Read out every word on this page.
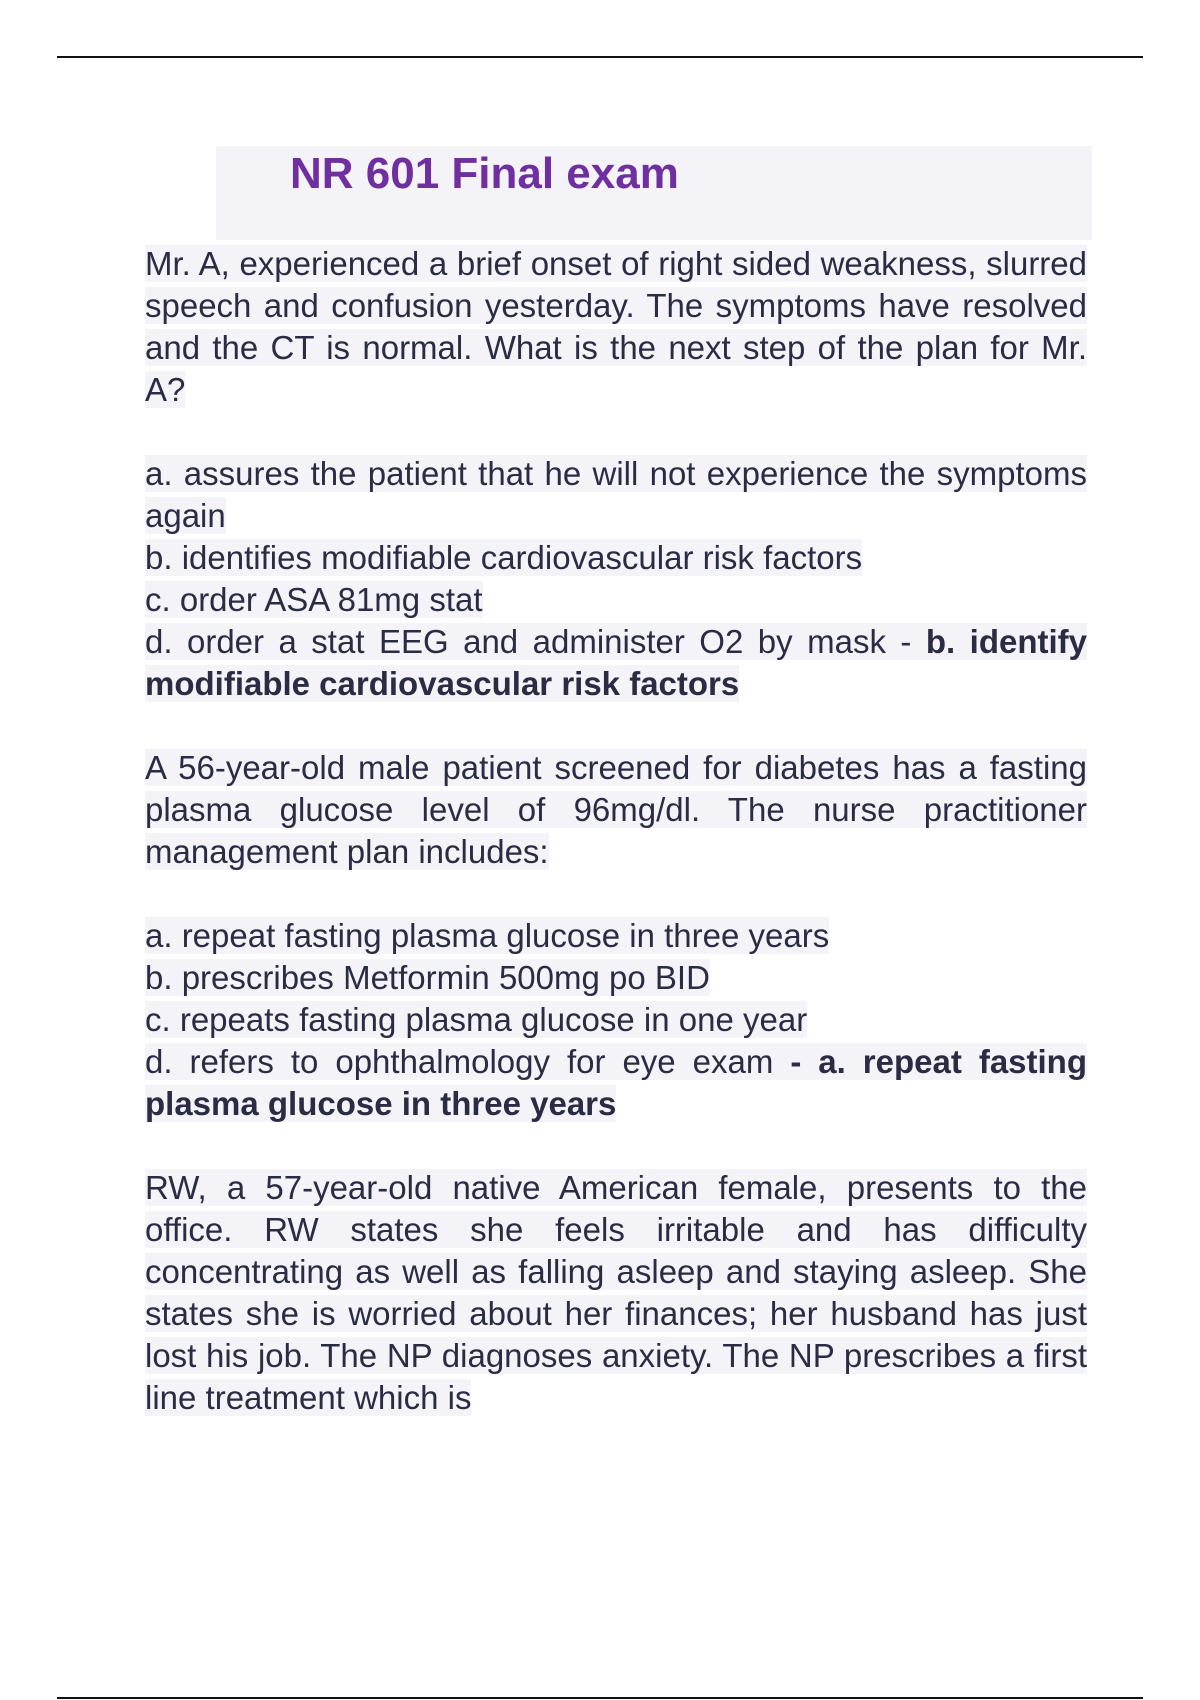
NR 601 Final exam

Mr. A, experienced a brief onset of right sided weakness, slurred speech and confusion yesterday. The symptoms have resolved and the CT is normal. What is the next step of the plan for Mr. A?

a. assures the patient that he will not experience the symptoms again

b. identifies modifiable cardiovascular risk factors

c. order ASA 81mg stat

d. order a stat EEG and administer O2 by mask - b. identify modifiable cardiovascular risk factors

A 56-year-old male patient screened for diabetes has a fasting plasma glucose level of 96mg/dl. The nurse practitioner management plan includes:

a. repeat fasting plasma glucose in three years

b. prescribes Metformin 500mg po BID

c. repeats fasting plasma glucose in one year

d. refers to ophthalmology for eye exam - a. repeat fasting plasma glucose in three years

RW, a 57-year-old native American female, presents to the office. RW states she feels irritable and has difficulty concentrating as well as falling asleep and staying asleep. She states she is worried about her finances; her husband has just lost his job. The NP diagnoses anxiety. The NP prescribes a first line treatment which is
